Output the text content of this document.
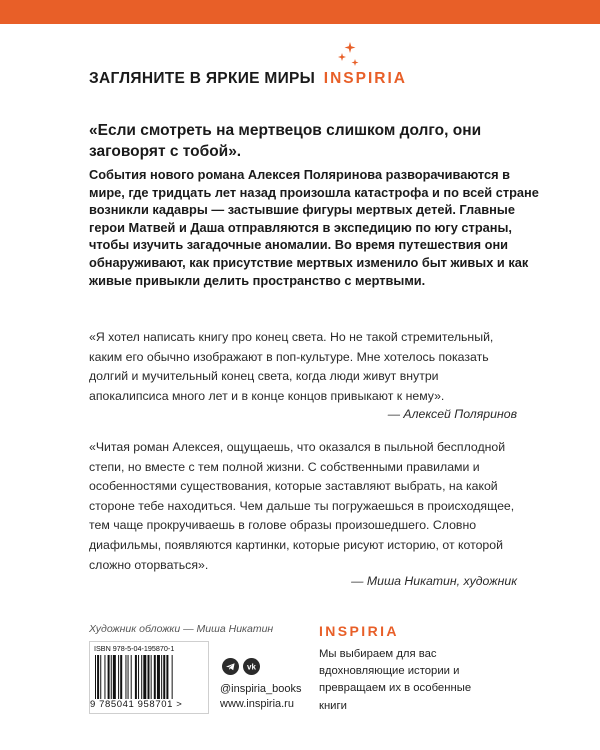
ЗАГЛЯНИТЕ В ЯРКИЕ МИРЫ INSPIRIA

«Если смотреть на мертвецов слишком долго, они заговорят с тобой».

События нового романа Алексея Поляринова разворачиваются в мире, где тридцать лет назад произошла катастрофа и по всей стране возникли кадавры — застывшие фигуры мертвых детей. Главные герои Матвей и Даша отправляются в экспедицию по югу страны, чтобы изучить загадочные аномалии. Во время путешествия они обнаруживают, как присутствие мертвых изменило быт живых и как живые привыкли делить пространство с мертвыми.

«Я хотел написать книгу про конец света. Но не такой стремительный, каким его обычно изображают в поп-культуре. Мне хотелось показать долгий и мучительный конец света, когда люди живут внутри апокалипсиса много лет и в конце концов привыкают к нему».

— Алексей Поляринов

«Читая роман Алексея, ощущаешь, что оказался в пыльной бесплодной степи, но вместе с тем полной жизни. С собственными правилами и особенностями существования, которые заставляют выбрать, на какой стороне тебе находиться. Чем дальше ты погружаешься в происходящее, тем чаще прокручиваешь в голове образы произошедшего. Словно диафильмы, появляются картинки, которые рисуют историю, от которой сложно оторваться».

— Миша Никатин, художник
Художник обложки — Миша Никатин
ISBN 978-5-04-195870-1
9 785041 958701 >
vk
@inspiria_books
www.inspiria.ru
INSPIRIA

Мы выбираем для вас вдохновляющие истории и превращаем их в особенные книги
